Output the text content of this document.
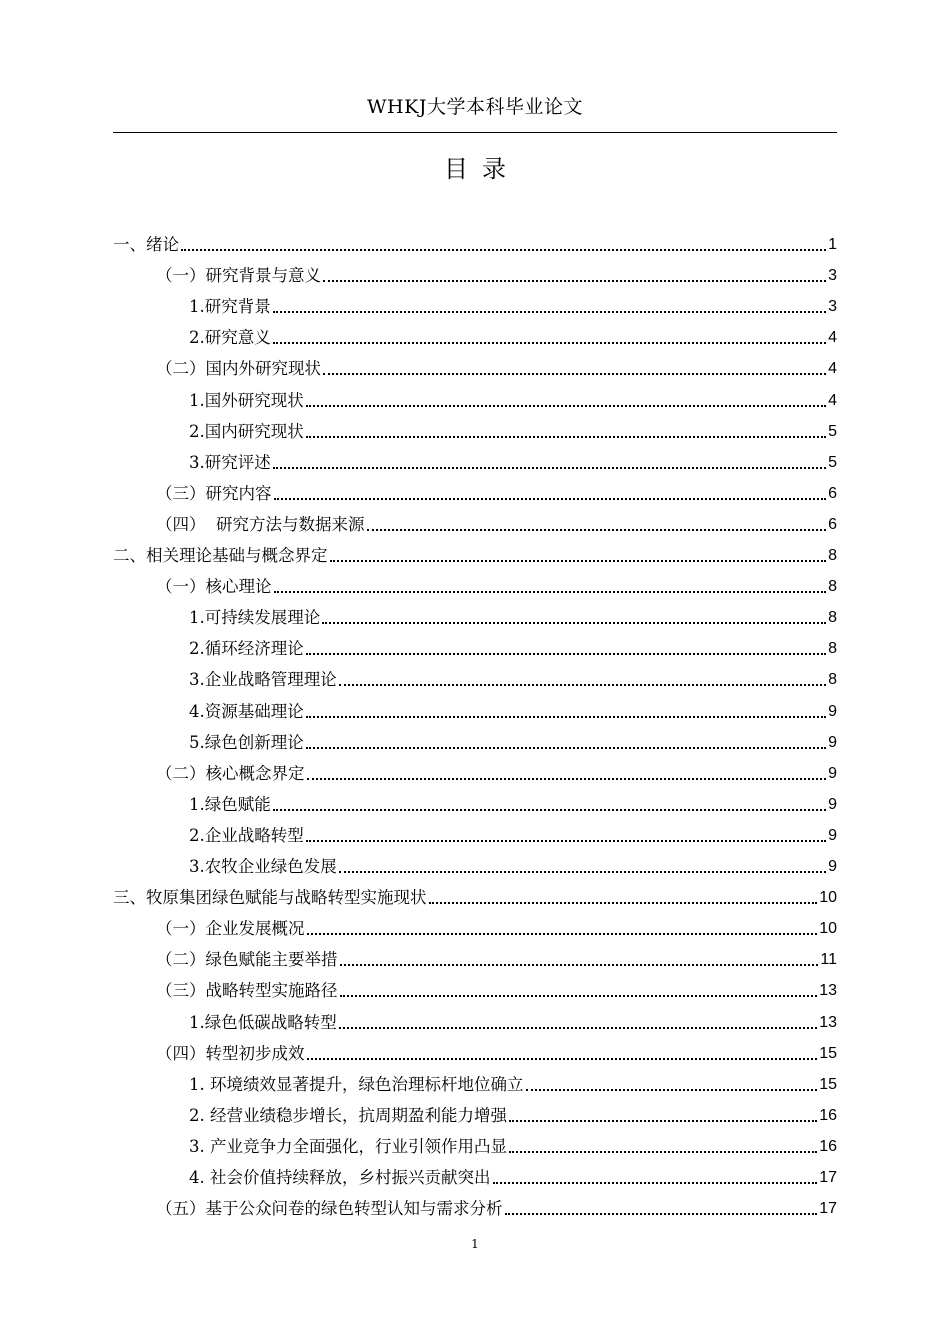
WHKJ大学本科毕业论文
目录
一、绪论	1
（一）研究背景与意义	3
1.研究背景	3
2.研究意义	4
（二）国内外研究现状	4
1.国外研究现状	4
2.国内研究现状	5
3.研究评述	5
（三）研究内容	6
（四）  研究方法与数据来源	6
二、相关理论基础与概念界定	8
（一）核心理论	8
1.可持续发展理论	8
2.循环经济理论	8
3.企业战略管理理论	8
4.资源基础理论	9
5.绿色创新理论	9
（二）核心概念界定	9
1.绿色赋能	9
2.企业战略转型	9
3.农牧企业绿色发展	9
三、牧原集团绿色赋能与战略转型实施现状	10
（一）企业发展概况	10
（二）绿色赋能主要举措	11
（三）战略转型实施路径	13
1.绿色低碳战略转型	13
（四）转型初步成效	15
1. 环境绩效显著提升，绿色治理标杆地位确立	15
2. 经营业绩稳步增长，抗周期盈利能力增强	16
3. 产业竞争力全面强化，行业引领作用凸显	16
4. 社会价值持续释放，乡村振兴贡献突出	17
（五）基于公众问卷的绿色转型认知与需求分析	17
1
